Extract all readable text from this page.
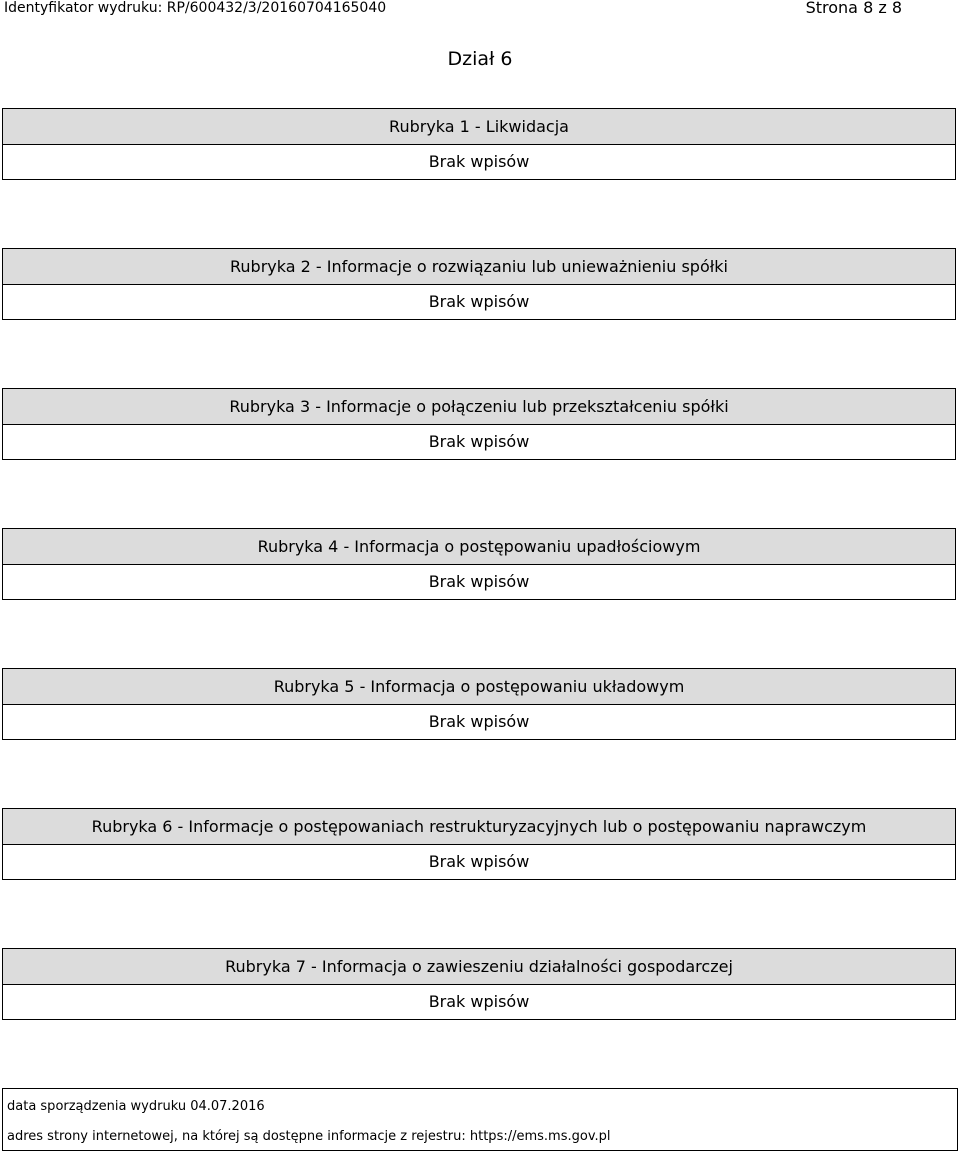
Identyfikator wydruku: RP/600432/3/20160704165040	Strona 8 z 8
Dział 6
Rubryka 1 - Likwidacja
Brak wpisów
Rubryka 2 - Informacje o rozwiązaniu lub unieważnieniu spółki
Brak wpisów
Rubryka 3 - Informacje o połączeniu lub przekształceniu spółki
Brak wpisów
Rubryka 4 - Informacja o postępowaniu upadłościowym
Brak wpisów
Rubryka 5 - Informacja o postępowaniu układowym
Brak wpisów
Rubryka 6 - Informacje o postępowaniach restrukturyzacyjnych lub o postępowaniu naprawczym
Brak wpisów
Rubryka 7 - Informacja o zawieszeniu działalności gospodarczej
Brak wpisów
data sporządzenia wydruku 04.07.2016
adres strony internetowej, na której są dostępne informacje z rejestru: https://ems.ms.gov.pl
